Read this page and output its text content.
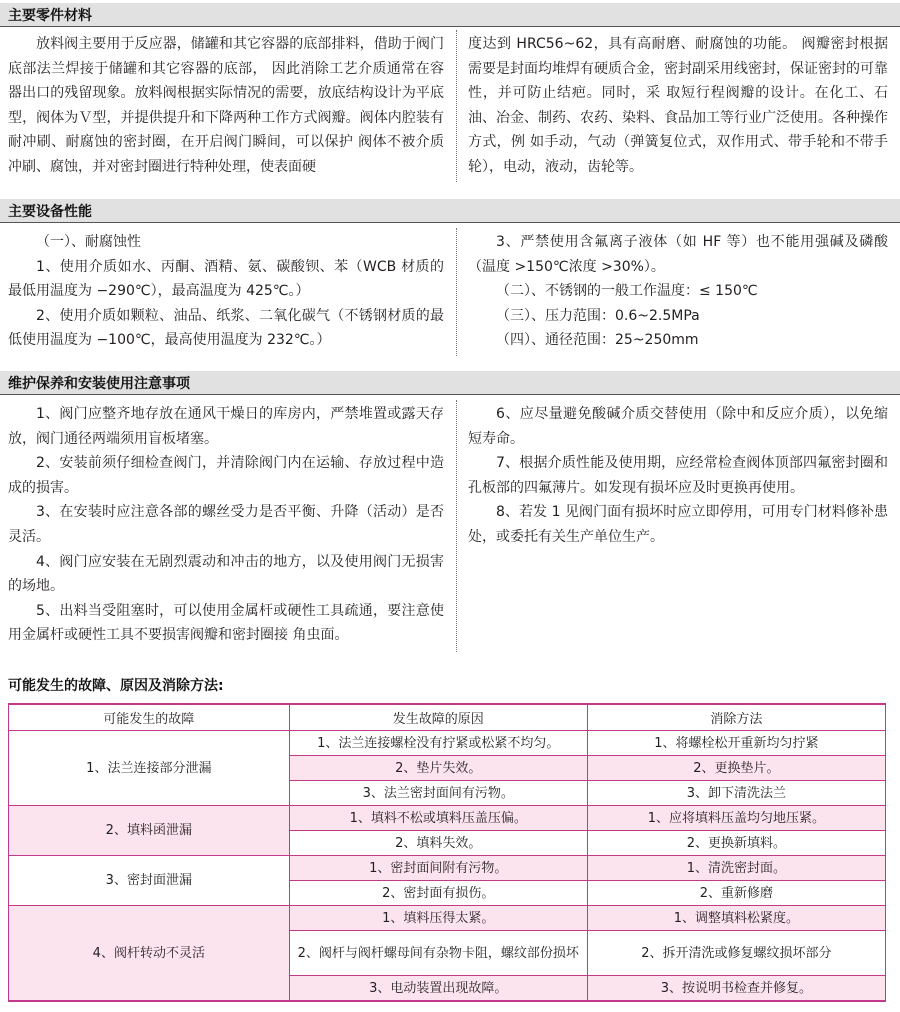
主要零件材料

放料阀主要用于反应器，储罐和其它容器的底部排料，借助于阀门底部法兰焊接于储罐和其它容器的底部， 因此消除工艺介质通常在容器出口的残留现象。放料阀根据实际情况的需要，放底结构设计为平底型，阀体为Ｖ型，并提供提升和下降两种工作方式阀瓣。阀体内腔装有耐冲刷、耐腐蚀的密封圈，在开启阀门瞬间，可以保护 阀体不被介质冲刷、腐蚀，并对密封圈进行特种处理，使表面硬

度达到 HRC56~62，具有高耐磨、耐腐蚀的功能。 阀瓣密封根据需要是封面均堆焊有硬质合金，密封副采用线密封，保证密封的可靠性，并可防止结疤。同时，采 取短行程阀瓣的设计。在化工、石油、冶金、制药、农药、染料、食品加工等行业广泛使用。各种操作方式，例 如手动，气动（弹簧复位式，双作用式、带手轮和不带手轮），电动，液动，齿轮等。

主要设备性能

（一）、耐腐蚀性

1、使用介质如水、丙酮、酒精、氨、碳酸钡、苯（WCB 材质的最低用温度为 −290℃），最高温度为 425℃。）

2、使用介质如颗粒、油品、纸浆、二氧化碳气（不锈钢材质的最低使用温度为 −100℃，最高使用温度为 232℃。）

3、严禁使用含氟离子液体（如 HF 等）也不能用强碱及磷酸（温度 >150℃浓度 >30%）。

（二）、不锈钢的一般工作温度：≤ 150℃

（三）、压力范围：0.6~2.5MPa

（四）、通径范围：25~250mm

维护保养和安装使用注意事项

1、阀门应整齐地存放在通风干燥日的库房内，严禁堆置或露天存放，阀门通径两端须用盲板堵塞。

2、安装前须仔细检查阀门，并清除阀门内在运输、存放过程中造成的损害。

3、在安装时应注意各部的螺丝受力是否平衡、升降（活动）是否灵活。

4、阀门应安装在无剧烈震动和冲击的地方，以及使用阀门无损害的场地。

5、出料当受阻塞时，可以使用金属杆或硬性工具疏通，要注意使用金属杆或硬性工具不要损害阀瓣和密封圈接 角虫面。

6、应尽量避免酸碱介质交替使用（除中和反应介质），以免缩短寿命。

7、根据介质性能及使用期，应经常检查阀体顶部四氟密封圈和孔板部的四氟薄片。如发现有损坏应及时更换再使用。

8、若发 1 见阀门面有损坏时应立即停用，可用专门材料修补患处，或委托有关生产单位生产。

可能发生的故障、原因及消除方法:
可能发生的故障	发生故障的原因	消除方法
1、法兰连接部分泄漏	1、法兰连接螺栓没有拧紧或松紧不均匀。	1、将螺栓松开重新均匀拧紧
	2、垫片失效。	2、更换垫片。
	3、法兰密封面间有污物。	3、卸下清洗法兰
2、填料函泄漏	1、填料不松或填料压盖压偏。	1、应将填料压盖均匀地压紧。
	2、填料失效。	2、更换新填料。
3、密封面泄漏	1、密封面间附有污物。	1、清洗密封面。
	2、密封面有损伤。	2、重新修磨
4、阀杆转动不灵活	1、填料压得太紧。	1、调整填料松紧度。
	2、阀杆与阀杆螺母间有杂物卡阻，螺纹部份损坏	2、拆开清洗或修复螺纹损坏部分
	3、电动装置出现故障。	3、按说明书检查并修复。
